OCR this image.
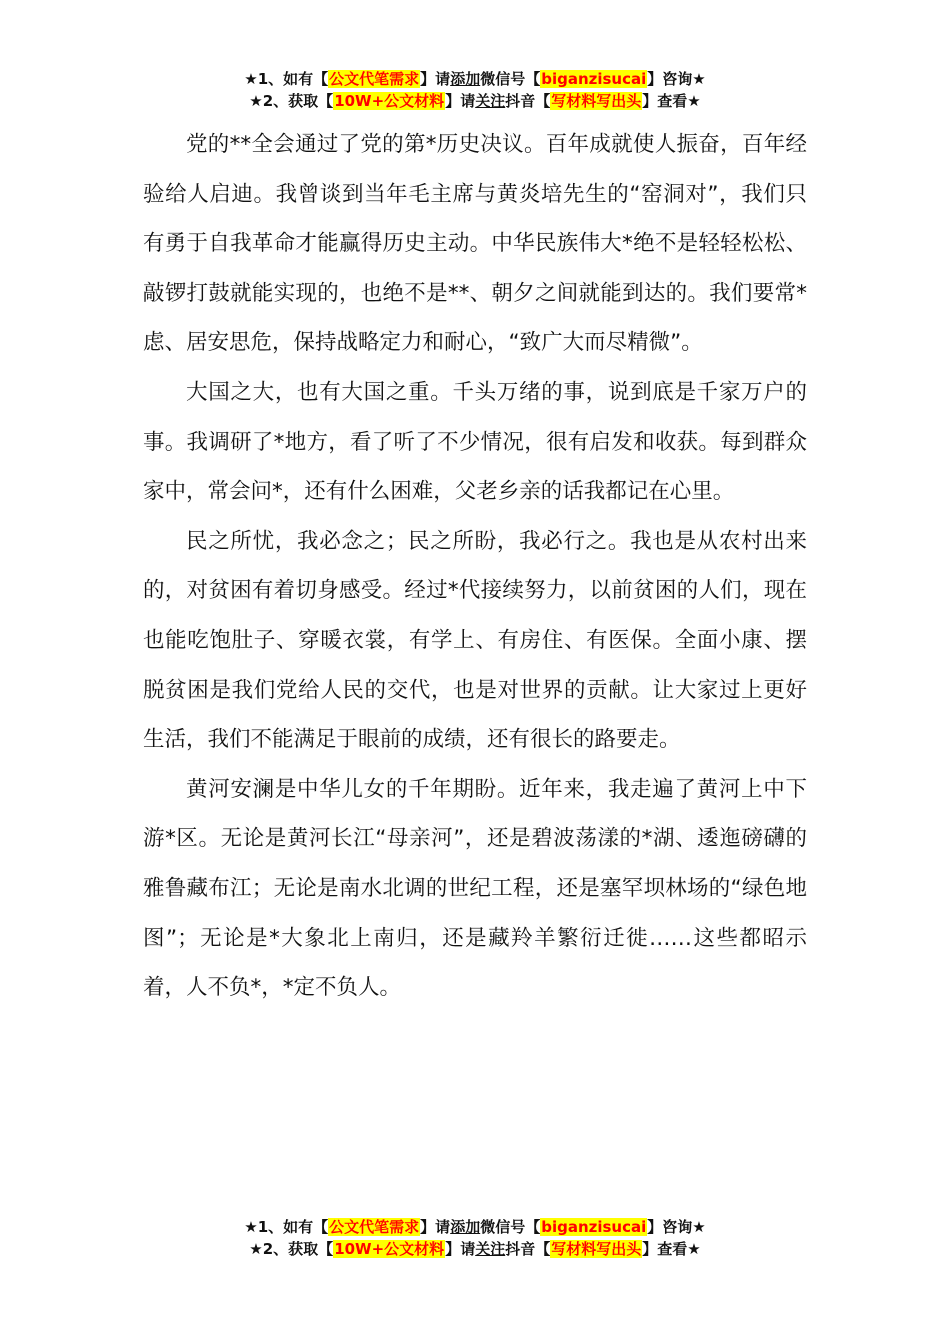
★1、如有【公文代笔需求】请添加微信号【biganzisucai】咨询★
★2、获取【10W+公文材料】请关注抖音【写材料写出头】查看★

党的**全会通过了党的第*历史决议。百年成就使人振奋，百年经验给人启迪。我曾谈到当年毛主席与黄炎培先生的“窑洞对”，我们只有勇于自我革命才能赢得历史主动。中华民族伟大*绝不是轻轻松松、敲锣打鼓就能实现的，也绝不是**、朝夕之间就能到达的。我们要常*虑、居安思危，保持战略定力和耐心，“致广大而尽精微”。

大国之大，也有大国之重。千头万绪的事，说到底是千家万户的事。我调研了*地方，看了听了不少情况，很有启发和收获。每到群众家中，常会问*，还有什么困难，父老乡亲的话我都记在心里。

民之所忧，我必念之；民之所盼，我必行之。我也是从农村出来的，对贫困有着切身感受。经过*代接续努力，以前贫困的人们，现在也能吃饱肚子、穿暖衣裳，有学上、有房住、有医保。全面小康、摆脱贫困是我们党给人民的交代，也是对世界的贡献。让大家过上更好生活，我们不能满足于眼前的成绩，还有很长的路要走。

黄河安澜是中华儿女的千年期盼。近年来，我走遍了黄河上中下游*区。无论是黄河长江“母亲河”，还是碧波荡漾的*湖、逶迤磅礴的雅鲁藏布江；无论是南水北调的世纪工程，还是塞罕坝林场的“绿色地图”；无论是*大象北上南归，还是藏羚羊繁衍迁徙……这些都昭示着，人不负*，*定不负人。

★1、如有【公文代笔需求】请添加微信号【biganzisucai】咨询★
★2、获取【10W+公文材料】请关注抖音【写材料写出头】查看★
